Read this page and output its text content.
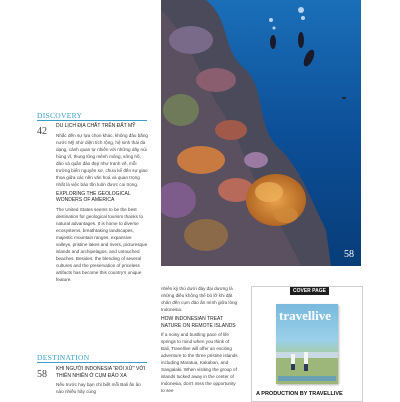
DISCOVERY
42 DU LỊCH ĐỊA CHẤT TRÊN ĐẤT MỸ

Nhắc đến sự lựa chọn khác, không đâu bằng nước Mỹ nhờ diện tích rộng, hệ sinh thái đa dạng, cảnh quan tự nhiên với những dãy núi hùng vĩ, thung lũng mênh mông, sông hồ, đảo và quần đảo đẹp như tranh vẽ, mỗi trường biển nguyên sơ, chưa kể đến sự giao thoa giữa các nền văn hoá và quan trọng nhất là việc bảo tồn luôn được coi trọng.

EXPLORING THE GEOLOGICAL WONDERS OF AMERICA

The United States seems to be the best destination for geological tourism thanks to natural advantages. It is home to diverse ecosystems, breathtaking landscapes, majestic mountain ranges, expansive valleys, pristine lakes and rivers, picturesque islands and archipelagos, and untouched beaches. Besides, the blending of several cultures and the preservation of priceless artifacts has become this country's unique feature.

DESTINATION
58 KHI NGƯỜI INDONESIA "ĐỔI XỬ" VỚI THIÊN NHIÊN Ở CỤM ĐẢO XA

Nếu trước hay bạn chỉ biết mỗi Bali ấn âo nào nhiều hãy cùng

58

nhiên kỳ thú dưới đáy đại dương là những điều không thể bỏ lỡ khi đặt chân đến cụm đảo ấn mình giữa lòng Indonesia.

HOW INDONESIAN TREAT NATURE ON REMOTE ISLANDS

If a noisy and bustling pace of life springs to mind when you think of Bali, Travellive will offer an exciting adventure to the three pristine islands including Maratua, Kakaban, and Sangalaki. When visiting the group of islands tucked away in the center of Indonesia, don't miss the opportunity to see

COVER PAGE
travellive
Sounds & Landscapes
A PRODUCTION BY TRAVELLIVE
